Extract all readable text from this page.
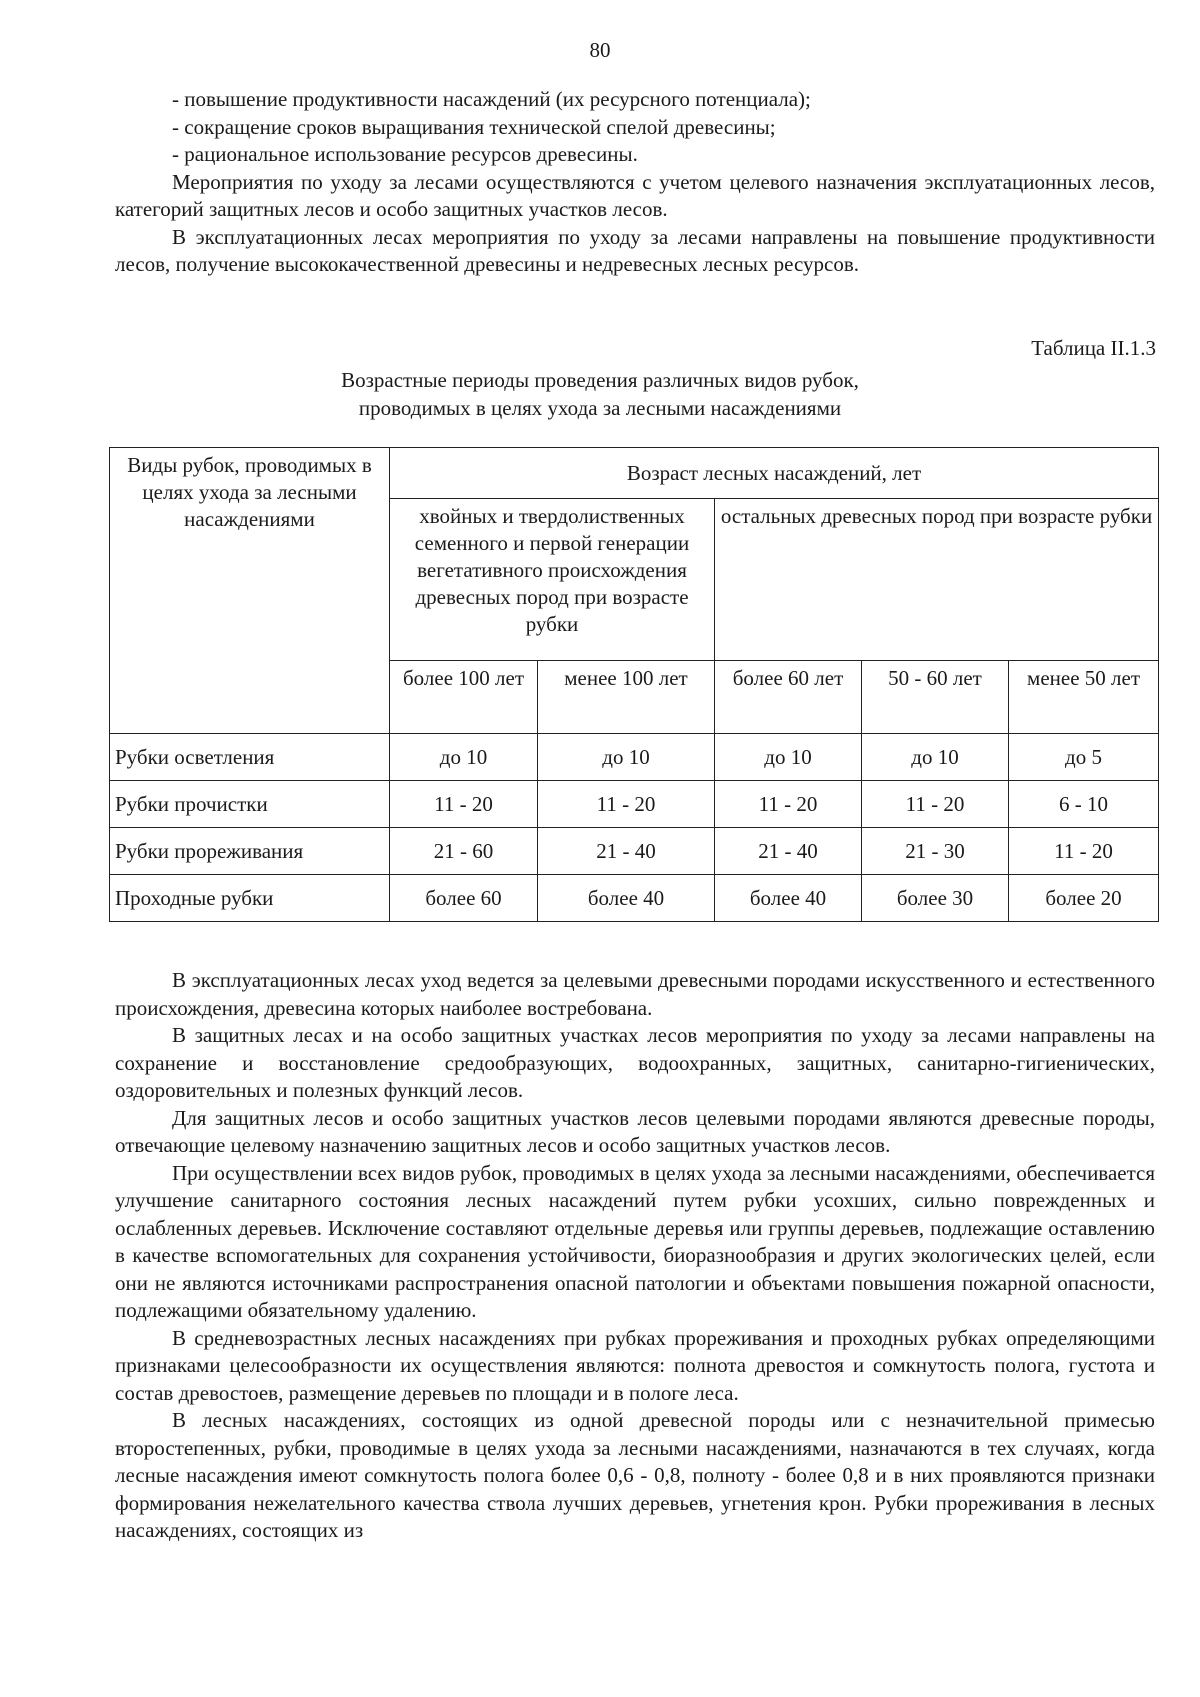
80

- повышение продуктивности насаждений (их ресурсного потенциала);

- сокращение сроков выращивания технической спелой древесины;

- рациональное использование ресурсов древесины.

Мероприятия по уходу за лесами осуществляются с учетом целевого назначения эксплуатационных лесов, категорий защитных лесов и особо защитных участков лесов.

В эксплуатационных лесах мероприятия по уходу за лесами направлены на повышение продуктивности лесов, получение высококачественной древесины и недревесных лесных ресурсов.

Таблица II.1.3
Возрастные периоды проведения различных видов рубок,
проводимых в целях ухода за лесными насаждениями
Виды рубок, проводимых в целях ухода за лесными насаждениями	Возраст лесных насаждений, лет				
	хвойных и твердолиственных семенного и первой генерации вегетативного происхождения древесных пород при возрасте рубки		остальных древесных пород при возрасте рубки		
	более 100 лет	менее 100 лет	более 60 лет	50 - 60 лет	менее 50 лет
Рубки осветления	до 10	до 10	до 10	до 10	до 5
Рубки прочистки	11 - 20	11 - 20	11 - 20	11 - 20	6 - 10
Рубки прореживания	21 - 60	21 - 40	21 - 40	21 - 30	11 - 20
Проходные рубки	более 60	более 40	более 40	более 30	более 20

В эксплуатационных лесах уход ведется за целевыми древесными породами искусственного и естественного происхождения, древесина которых наиболее востребована.

В защитных лесах и на особо защитных участках лесов мероприятия по уходу за лесами направлены на сохранение и восстановление средообразующих, водоохранных, защитных, санитарно-гигиенических, оздоровительных и полезных функций лесов.

Для защитных лесов и особо защитных участков лесов целевыми породами являются древесные породы, отвечающие целевому назначению защитных лесов и особо защитных участков лесов.

При осуществлении всех видов рубок, проводимых в целях ухода за лесными насаждениями, обеспечивается улучшение санитарного состояния лесных насаждений путем рубки усохших, сильно поврежденных и ослабленных деревьев. Исключение составляют отдельные деревья или группы деревьев, подлежащие оставлению в качестве вспомогательных для сохранения устойчивости, биоразнообразия и других экологических целей, если они не являются источниками распространения опасной патологии и объектами повышения пожарной опасности, подлежащими обязательному удалению.

В средневозрастных лесных насаждениях при рубках прореживания и проходных рубках определяющими признаками целесообразности их осуществления являются: полнота древостоя и сомкнутость полога, густота и состав древостоев, размещение деревьев по площади и в пологе леса.

В лесных насаждениях, состоящих из одной древесной породы или с незначительной примесью второстепенных, рубки, проводимые в целях ухода за лесными насаждениями, назначаются в тех случаях, когда лесные насаждения имеют сомкнутость полога более 0,6 - 0,8, полноту - более 0,8 и в них проявляются признаки формирования нежелательного качества ствола лучших деревьев, угнетения крон. Рубки прореживания в лесных насаждениях, состоящих из
